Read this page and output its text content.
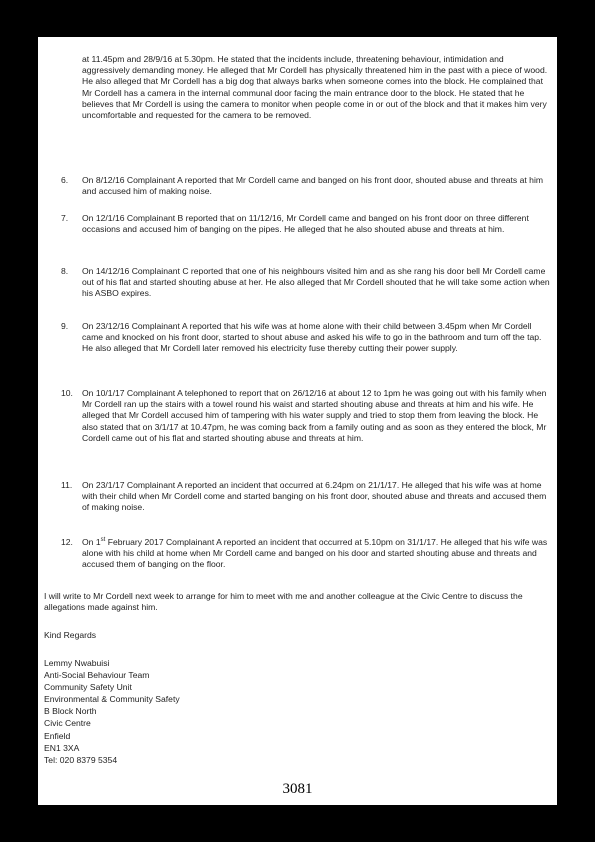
at 11.45pm and 28/9/16 at 5.30pm. He stated that the incidents include, threatening behaviour, intimidation and aggressively demanding money. He alleged that Mr Cordell has physically threatened him in the past with a piece of wood. He also alleged that Mr Cordell has a big dog that always barks when someone comes into the block. He complained that Mr Cordell has a camera in the internal communal door facing the main entrance door to the block. He stated that he believes that Mr Cordell is using the camera to monitor when people come in or out of the block and that it makes him very uncomfortable and requested for the camera to be removed.
6.	On 8/12/16 Complainant A reported that Mr Cordell came and banged on his front door, shouted abuse and threats at him and accused him of making noise.
7.	On 12/1/16 Complainant B reported that on 11/12/16, Mr Cordell came and banged on his front door on three different occasions and accused him of banging on the pipes. He alleged that he also shouted abuse and threats at him.
8.	On 14/12/16 Complainant C reported that one of his neighbours visited him and as she rang his door bell Mr Cordell came out of his flat and started shouting abuse at her. He also alleged that Mr Cordell shouted that he will take some action when his ASBO expires.
9.	On 23/12/16 Complainant A reported that his wife was at home alone with their child between 3.45pm when Mr Cordell came and knocked on his front door, started to shout abuse and asked his wife to go in the bathroom and turn off the tap. He also alleged that Mr Cordell later removed his electricity fuse thereby cutting their power supply.
10.	On 10/1/17 Complainant A telephoned to report that on 26/12/16 at about 12 to 1pm he was going out with his family when Mr Cordell ran up the stairs with a towel round his waist and started shouting abuse and threats at him and his wife. He alleged that Mr Cordell accused him of tampering with his water supply and tried to stop them from leaving the block. He also stated that on 3/1/17 at 10.47pm, he was coming back from a family outing and as soon as they entered the block, Mr Cordell came out of his flat and started shouting abuse and threats at him.
11.	On 23/1/17 Complainant A reported an incident that occurred at 6.24pm on 21/1/17. He alleged that his wife was at home with their child when Mr Cordell come and started banging on his front door, shouted abuse and threats and accused them of making noise.
12.	On 1st February 2017 Complainant A reported an incident that occurred at 5.10pm on 31/1/17. He alleged that his wife was alone with his child at home when Mr Cordell came and banged on his door and started shouting abuse and threats and accused them of banging on the floor.
I will write to Mr Cordell next week to arrange for him to meet with me and another colleague at the Civic Centre to discuss the allegations made against him.
Kind Regards
Lemmy Nwabuisi
Anti-Social Behaviour Team
Community Safety Unit
Environmental & Community Safety
B Block North
Civic Centre
Enfield
EN1 3XA
Tel: 020 8379 5354
3081
